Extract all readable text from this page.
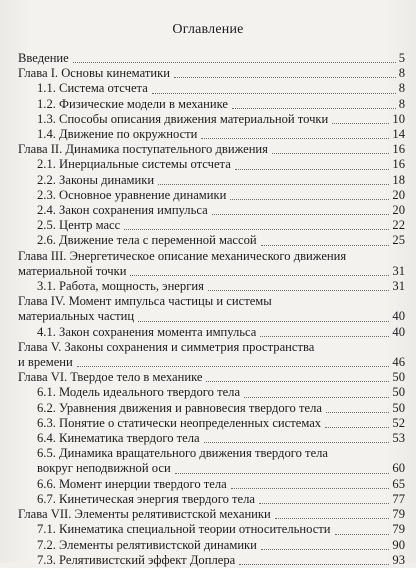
Оглавление
Введение	5
Глава I. Основы кинематики	8
1.1. Система отсчета	8
1.2. Физические модели в механике	8
1.3. Способы описания движения материальной точки	10
1.4. Движение по окружности	14
Глава II. Динамика поступательного движения	16
2.1. Инерциальные системы отсчета	16
2.2. Законы динамики	18
2.3. Основное уравнение динамики	20
2.4. Закон сохранения импульса	20
2.5. Центр масс	22
2.6. Движение тела с переменной массой	25
Глава III. Энергетическое описание механического движения
материальной точки	31
3.1. Работа, мощность, энергия	31
Глава IV. Момент импульса частицы и системы
материальных частиц	40
4.1. Закон сохранения момента импульса	40
Глава V. Законы сохранения и симметрия пространства
и времени	46
Глава VI. Твердое тело в механике	50
6.1. Модель идеального твердого тела	50
6.2. Уравнения движения и равновесия твердого тела	50
6.3. Понятие о статически неопределенных системах	52
6.4. Кинематика твердого тела	53
6.5. Динамика вращательного движения твердого тела
вокруг неподвижной оси	60
6.6. Момент инерции твердого тела	65
6.7. Кинетическая энергия твердого тела	77
Глава VII. Элементы релятивистской механики	79
7.1. Кинематика специальной теории относительности	79
7.2. Элементы релятивистской динамики	90
7.3. Релятивистский эффект Доплера	93
